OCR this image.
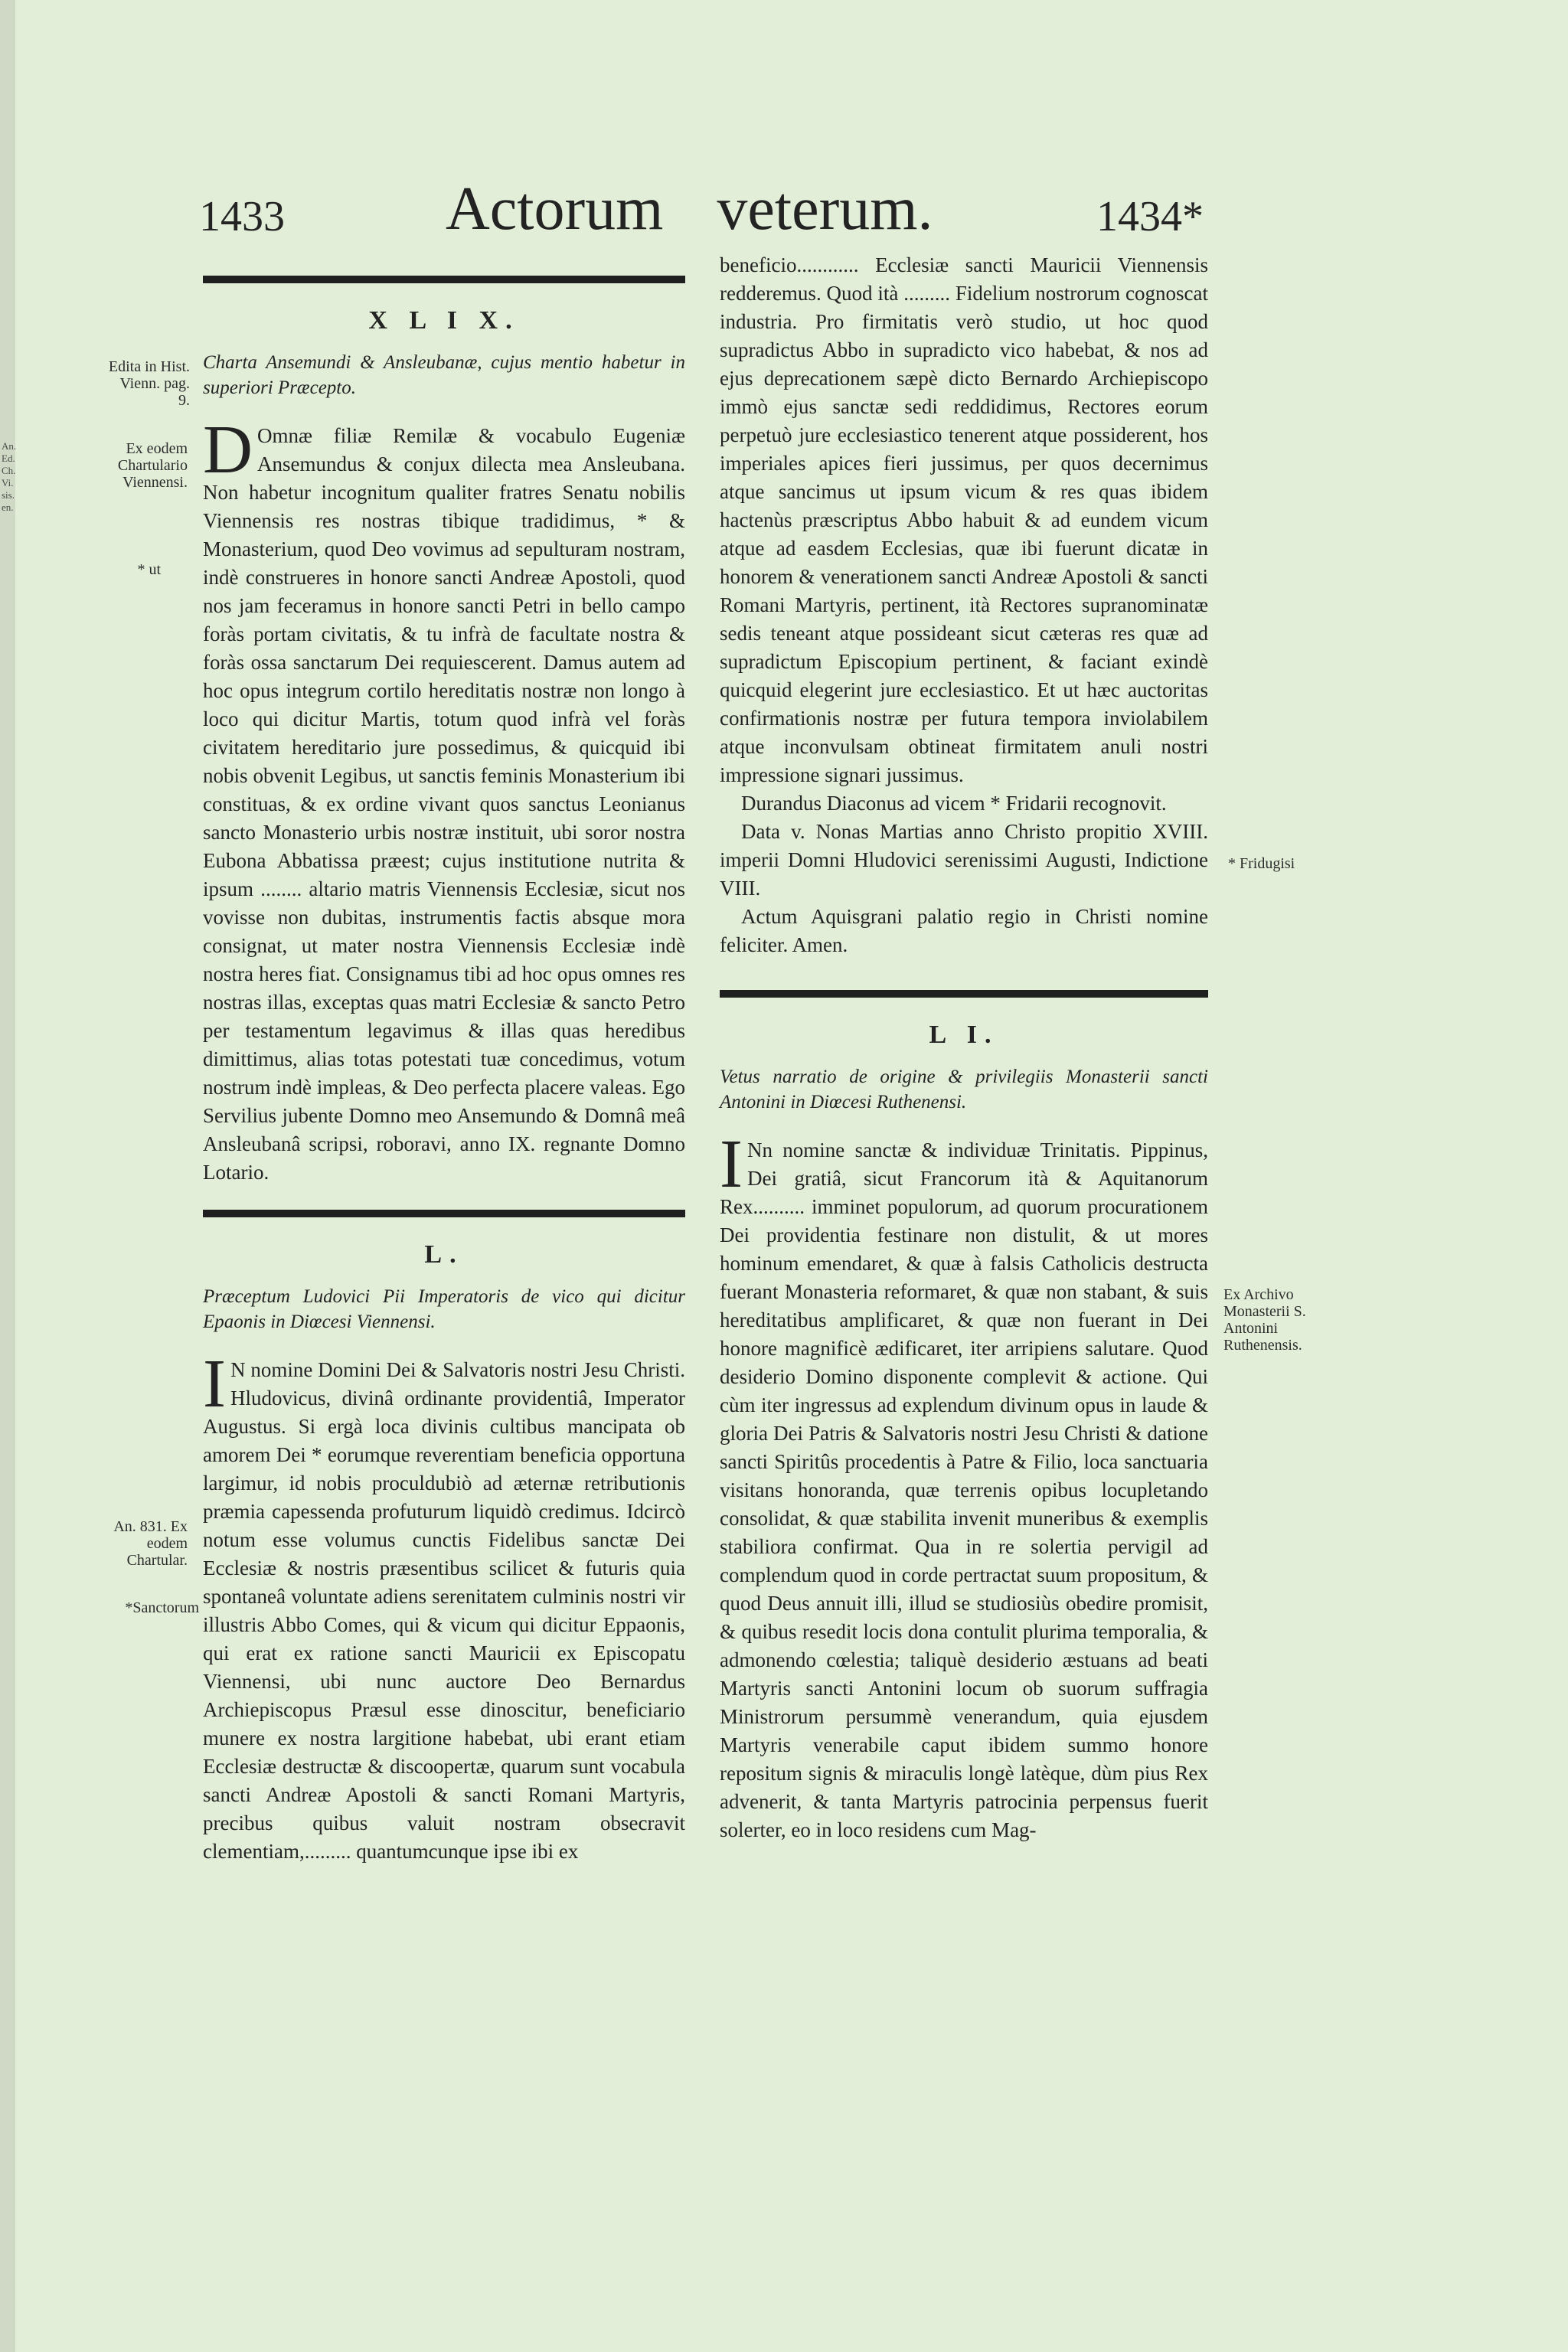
An.
Ed.
Ch.
Vi.
sis.
en.
1433	Actorum veterum.	1434*
Edita in Hist. Vienn. pag. 9.
Ex eodem Chartulario Viennensi.
* ut
An. 831. Ex eodem Chartular.
*Sanctorum
* Fridugisi
Ex Archivo Monasterii S. Antonini Ruthenensis.
X L I X.

Charta Ansemundi & Ansleubanæ, cujus mentio habetur in superiori Præcepto.

D Omnæ filiæ Remilæ & vocabulo Eugeniæ Ansemundus & conjux dilecta mea Ansleubana. Non habetur incognitum qualiter fratres Senatu nobilis Viennensis res nostras tibique tradidimus, * & Monasterium, quod Deo vovimus ad sepulturam nostram, indè construeres in honore sancti Andreæ Apostoli, quod nos jam feceramus in honore sancti Petri in bello campo foràs portam civitatis, & tu infrà de facultate nostra & foràs ossa sanctarum Dei requiescerent. Damus autem ad hoc opus integrum cortilo hereditatis nostræ non longo à loco qui dicitur Martis, totum quod infrà vel foràs civitatem hereditario jure possedimus, & quicquid ibi nobis obvenit Legibus, ut sanctis feminis Monasterium ibi constituas, & ex ordine vivant quos sanctus Leonianus sancto Monasterio urbis nostræ instituit, ubi soror nostra Eubona Abbatissa præest; cujus institutione nutrita & ipsum ........ altario matris Viennensis Ecclesiæ, sicut nos vovisse non dubitas, instrumentis factis absque mora consignat, ut mater nostra Viennensis Ecclesiæ indè nostra heres fiat. Consignamus tibi ad hoc opus omnes res nostras illas, exceptas quas matri Ecclesiæ & sancto Petro per testamentum legavimus & illas quas heredibus dimittimus, alias totas potestati tuæ concedimus, votum nostrum indè impleas, & Deo perfecta placere valeas. Ego Servilius jubente Domno meo Ansemundo & Domnâ meâ Ansleubanâ scripsi, roboravi, anno IX. regnante Domno Lotario.
L.

Præceptum Ludovici Pii Imperatoris de vico qui dicitur Epaonis in Diœcesi Viennensi.

I N nomine Domini Dei & Salvatoris nostri Jesu Christi. Hludovicus, divinâ ordinante providentiâ, Imperator Augustus. Si ergà loca divinis cultibus mancipata ob amorem Dei * eorumque reverentiam beneficia opportuna largimur, id nobis proculdubiò ad æternæ retributionis præmia capessenda profuturum liquidò credimus. Idcircò notum esse volumus cunctis Fidelibus sanctæ Dei Ecclesiæ & nostris præsentibus scilicet & futuris quia spontaneâ voluntate adiens serenitatem culminis nostri vir illustris Abbo Comes, qui & vicum qui dicitur Eppaonis, qui erat ex ratione sancti Mauricii ex Episcopatu Viennensi, ubi nunc auctore Deo Bernardus Archiepiscopus Præsul esse dinoscitur, beneficiario munere ex nostra largitione habebat, ubi erant etiam Ecclesiæ destructæ & discoopertæ, quarum sunt vocabula sancti Andreæ Apostoli & sancti Romani Martyris, precibus quibus valuit nostram obsecravit clementiam,......... quantumcunque ipse ibi ex

beneficio............ Ecclesiæ sancti Mauricii Viennensis redderemus. Quod ità ......... Fidelium nostrorum cognoscat industria. Pro firmitatis verò studio, ut hoc quod supradictus Abbo in supradicto vico habebat, & nos ad ejus deprecationem sæpè dicto Bernardo Archiepiscopo immò ejus sanctæ sedi reddidimus, Rectores eorum perpetuò jure ecclesiastico tenerent atque possiderent, hos imperiales apices fieri jussimus, per quos decernimus atque sancimus ut ipsum vicum & res quas ibidem hactenùs præscriptus Abbo habuit & ad eundem vicum atque ad easdem Ecclesias, quæ ibi fuerunt dicatæ in honorem & venerationem sancti Andreæ Apostoli & sancti Romani Martyris, pertinent, ità Rectores supranominatæ sedis teneant atque possideant sicut cæteras res quæ ad supradictum Episcopium pertinent, & faciant exindè quicquid elegerint jure ecclesiastico. Et ut hæc auctoritas confirmationis nostræ per futura tempora inviolabilem atque inconvulsam obtineat firmitatem anuli nostri impressione signari jussimus.

Durandus Diaconus ad vicem * Fridarii recognovit.

Data v. Nonas Martias anno Christo propitio XVIII. imperii Domni Hludovici serenissimi Augusti, Indictione VIII.

Actum Aquisgrani palatio regio in Christi nomine feliciter. Amen.

L I.

Vetus narratio de origine & privilegiis Monasterii sancti Antonini in Diœcesi Ruthenensi.

I Nn nomine sanctæ & individuæ Trinitatis. Pippinus, Dei gratiâ, sicut Francorum ità & Aquitanorum Rex.......... imminet populorum, ad quorum procurationem Dei providentia festinare non distulit, & ut mores hominum emendaret, & quæ à falsis Catholicis destructa fuerant Monasteria reformaret, & quæ non stabant, & suis hereditatibus amplificaret, & quæ non fuerant in Dei honore magnificè ædificaret, iter arripiens salutare. Quod desiderio Domino disponente complevit & actione. Qui cùm iter ingressus ad explendum divinum opus in laude & gloria Dei Patris & Salvatoris nostri Jesu Christi & datione sancti Spiritûs procedentis à Patre & Filio, loca sanctuaria visitans honoranda, quæ terrenis opibus locupletando consolidat, & quæ stabilita invenit muneribus & exemplis stabiliora confirmat. Qua in re solertia pervigil ad complendum quod in corde pertractat suum propositum, & quod Deus annuit illi, illud se studiosiùs obedire promisit, & quibus resedit locis dona contulit plurima temporalia, & admonendo cœlestia; taliquè desiderio æstuans ad beati Martyris sancti Antonini locum ob suorum suffragia Ministrorum persummè venerandum, quia ejusdem Martyris venerabile caput ibidem summo honore repositum signis & miraculis longè latèque, dùm pius Rex advenerit, & tanta Martyris patrocinia perpensus fuerit solerter, eo in loco residens cum Mag-
